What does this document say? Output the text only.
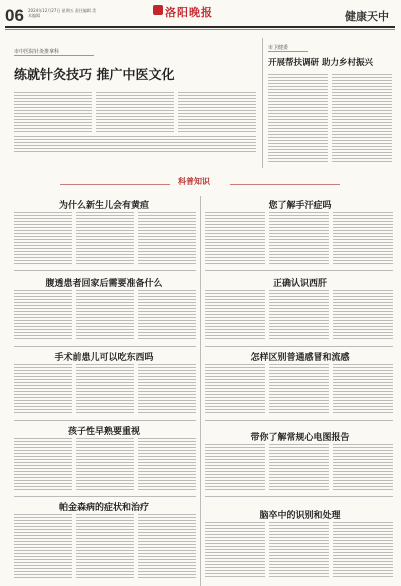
06 2024年12月27日 星期五 责任编辑 美术编辑	洛阳晚报	健康天中
市中医院针灸推拿科
练就针灸技巧 推广中医文化
市卫健委
开展帮扶调研 助力乡村振兴
科普知识
为什么新生儿会有黄疸	您了解手汗症吗
腹透患者回家后需要准备什么	正确认识西肝
手术前患儿可以吃东西吗	怎样区别普通感冒和流感
孩子性早熟要重视
带你了解常规心电图报告
帕金森病的症状和治疗
脑卒中的识别和处理
